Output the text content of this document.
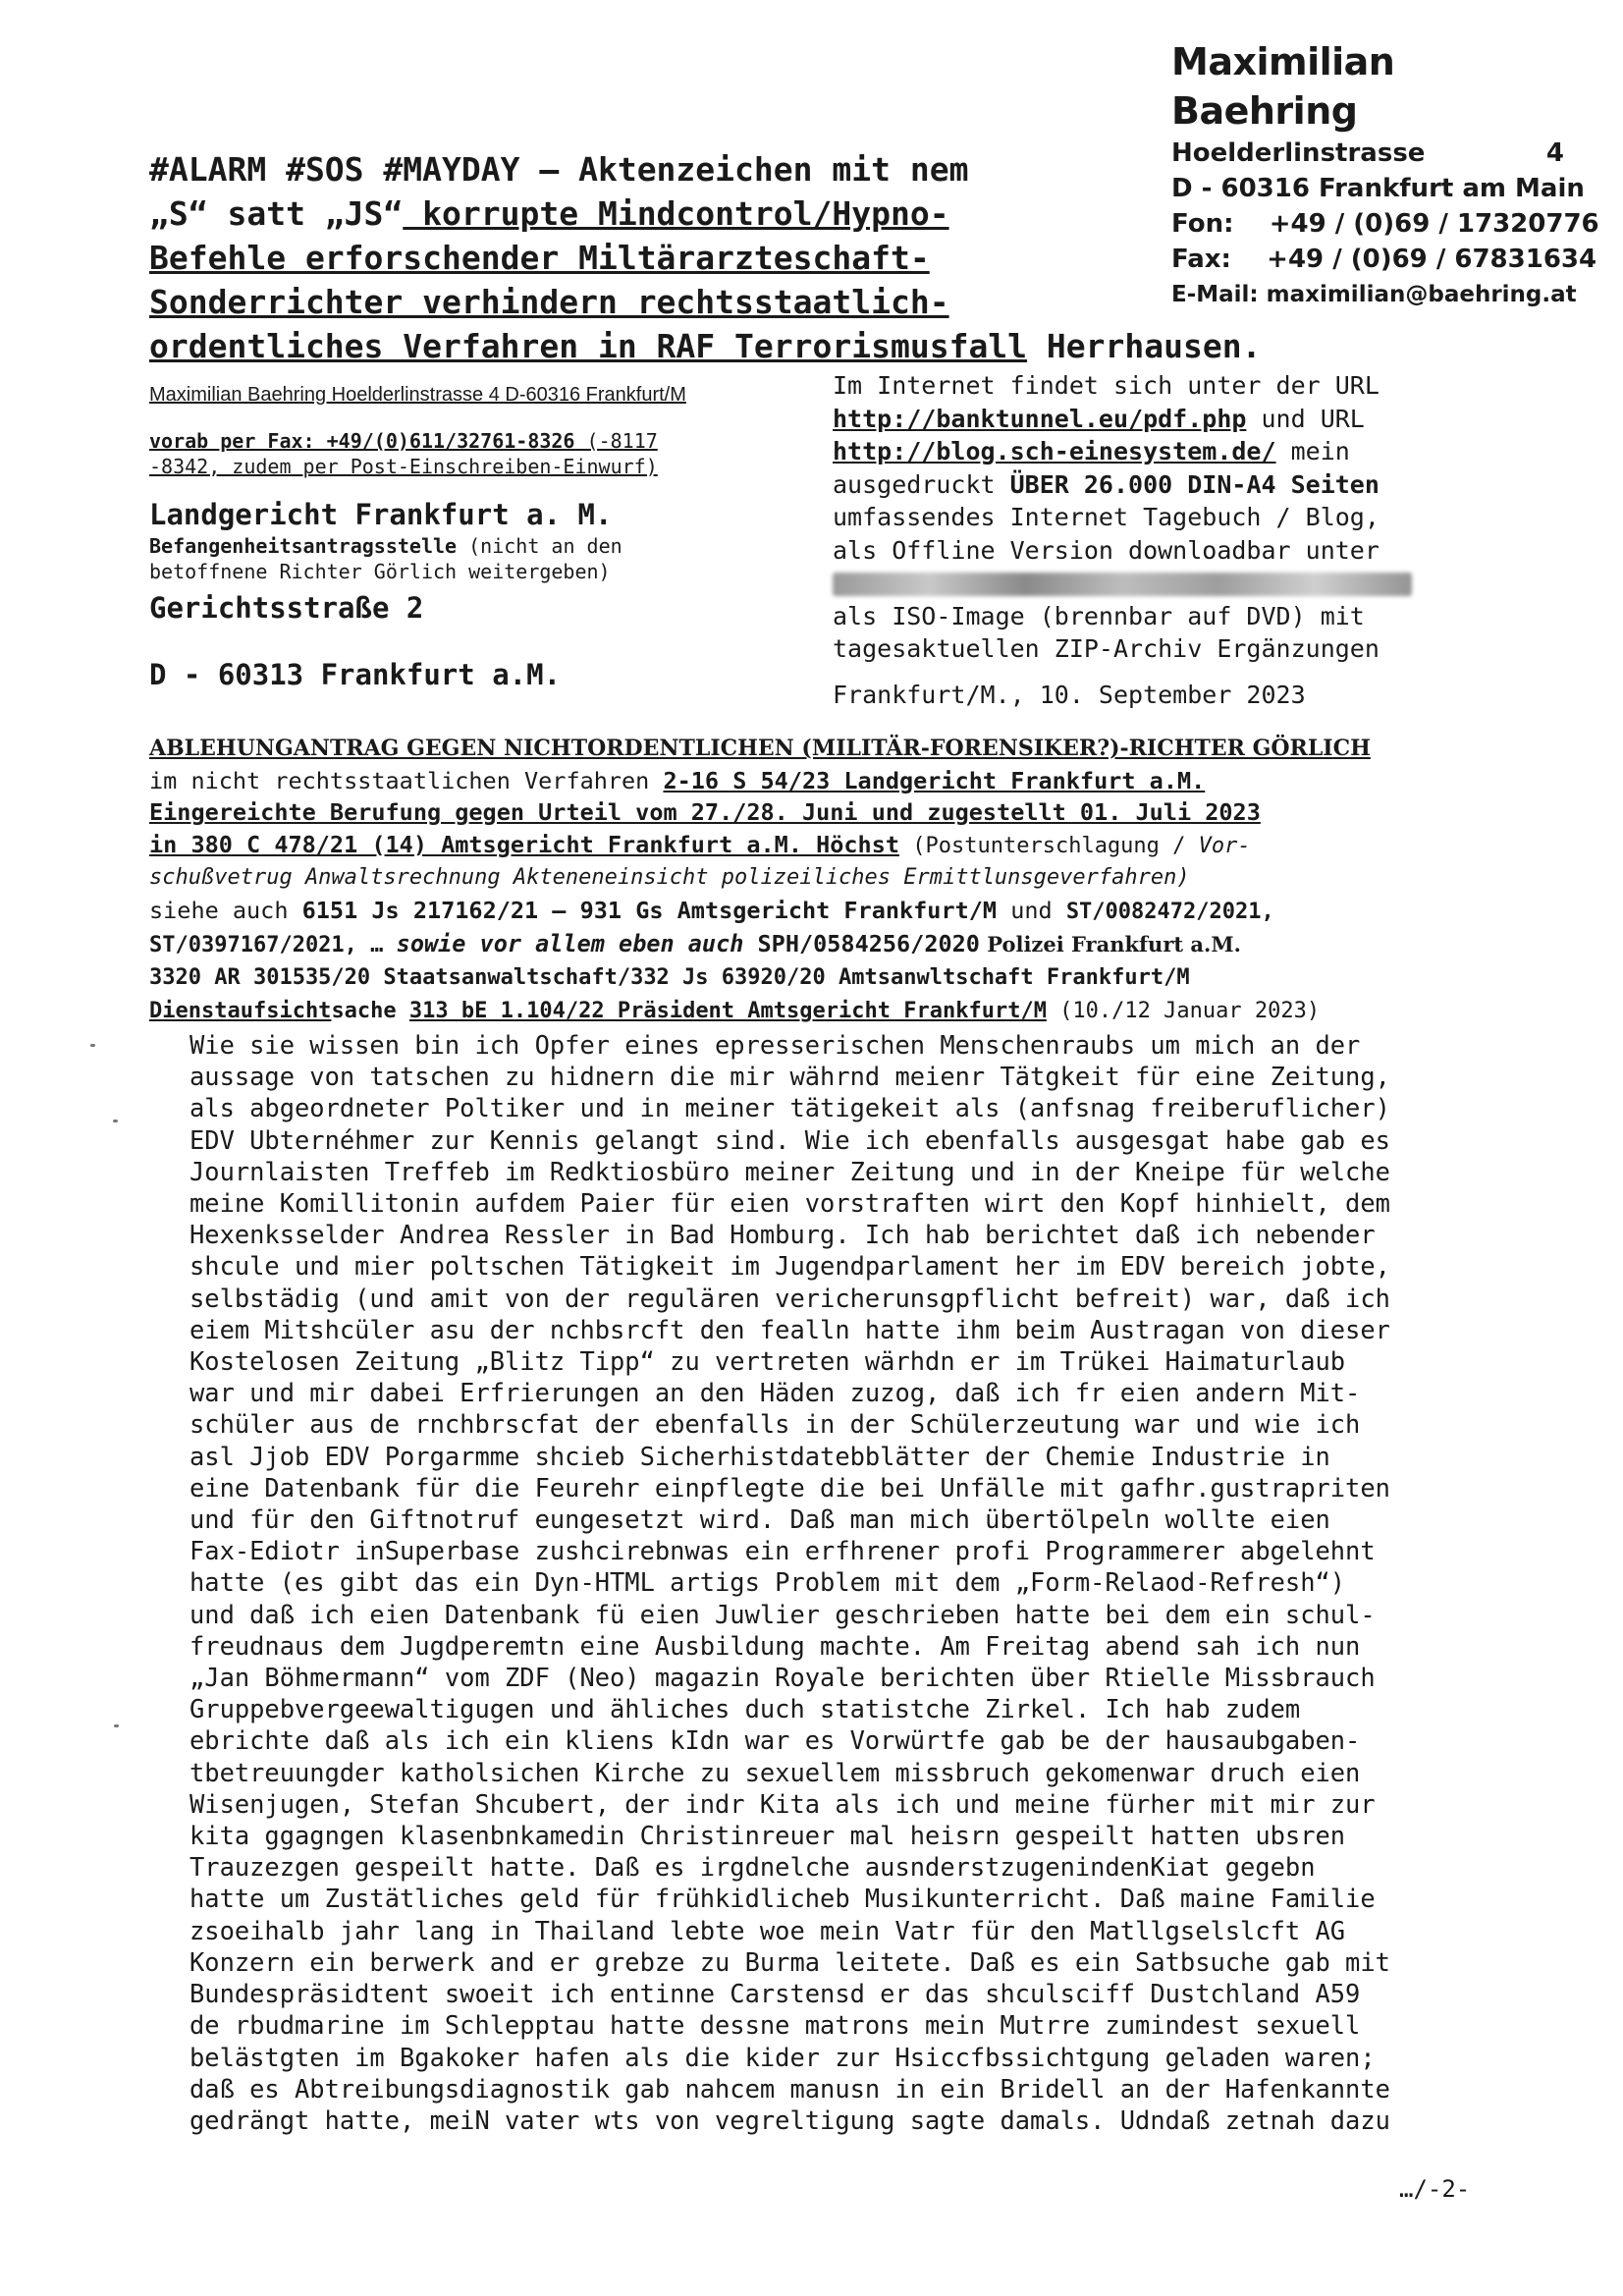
Maximilian Baehring
Hoelderlinstrasse	4
D - 60316 Frankfurt am Main
Fon: +49 / (0)69 / 17320776
Fax: +49 / (0)69 / 67831634
E-Mail: maximilian@baehring.at
#ALARM #SOS #MAYDAY – Aktenzeichen mit nem
„S“ satt „JS“ korrupte Mindcontrol/Hypno-
Befehle erforschender Miltärarzteschaft-
Sonderrichter verhindern rechtsstaatlich-
ordentliches Verfahren in RAF Terrorismusfall Herrhausen.
Maximilian Baehring Hoelderlinstrasse 4 D-60316 Frankfurt/M
vorab per Fax: +49/(0)611/32761-8326 (-8117
-8342, zudem per Post-Einschreiben-Einwurf)
Landgericht Frankfurt a. M.
Befangenheitsantragsstelle (nicht an den
betoffnene Richter Görlich weitergeben)
Gerichtsstraße 2
D - 60313 Frankfurt a.M.
Im Internet findet sich unter der URL
http://banktunnel.eu/pdf.php und URL
http://blog.sch-einesystem.de/ mein
ausgedruckt ÜBER 26.000 DIN-A4 Seiten
umfassendes Internet Tagebuch / Blog,
als Offline Version downloadbar unter
als ISO-Image (brennbar auf DVD) mit
tagesaktuellen ZIP-Archiv Ergänzungen
Frankfurt/M., 10. September 2023
ABLEHUNGANTRAG GEGEN NICHTORDENTLICHEN (MILITÄR-FORENSIKER?)-RICHTER GÖRLICH
im nicht rechtsstaatlichen Verfahren 2-16 S 54/23 Landgericht Frankfurt a.M.
Eingereichte Berufung gegen Urteil vom 27./28. Juni und zugestellt 01. Juli 2023
in 380 C 478/21 (14) Amtsgericht Frankfurt a.M. Höchst (Postunterschlagung / Vor-
schußvetrug Anwaltsrechnung Akteneneinsicht polizeiliches Ermittlunsgeverfahren)
siehe auch 6151 Js 217162/21 – 931 Gs Amtsgericht Frankfurt/M und ST/0082472/2021,
ST/0397167/2021, … sowie vor allem eben auch SPH/0584256/2020 Polizei Frankfurt a.M.
3320 AR 301535/20 Staatsanwaltschaft/332 Js 63920/20 Amtsanwltschaft Frankfurt/M
Dienstaufsichtsache 313 bE 1.104/22 Präsident Amtsgericht Frankfurt/M (10./12 Januar 2023)
Wie sie wissen bin ich Opfer eines epresserischen Menschenraubs um mich an der
aussage von tatschen zu hidnern die mir währnd meienr Tätgkeit für eine Zeitung,
als abgeordneter Poltiker und in meiner tätigekeit als (anfsnag freiberuflicher)
EDV Ubternéhmer zur Kennis gelangt sind. Wie ich ebenfalls ausgesgat habe gab es
Journlaisten Treffeb im Redktiosbüro meiner Zeitung und in der Kneipe für welche
meine Komillitonin aufdem Paier für eien vorstraften wirt den Kopf hinhielt, dem
Hexenksselder Andrea Ressler in Bad Homburg. Ich hab berichtet daß ich nebender
shcule und mier poltschen Tätigkeit im Jugendparlament her im EDV bereich jobte,
selbstädig (und amit von der regulären vericherunsgpflicht befreit) war, daß ich
eiem Mitshcüler asu der nchbsrcft den fealln hatte ihm beim Austragan von dieser
Kostelosen Zeitung „Blitz Tipp“ zu vertreten wärhdn er im Trükei Haimaturlaub
war und mir dabei Erfrierungen an den Häden zuzog, daß ich fr eien andern Mit-
schüler aus de rnchbrscfat der ebenfalls in der Schülerzeutung war und wie ich
asl Jjob EDV Porgarmme shcieb Sicherhistdatebblätter der Chemie Industrie in
eine Datenbank für die Feurehr einpflegte die bei Unfälle mit gafhr.gustrapriten
und für den Giftnotruf eungesetzt wird. Daß man mich übertölpeln wollte eien
Fax-Ediotr inSuperbase zushcirebnwas ein erfhrener profi Programmerer abgelehnt
hatte (es gibt das ein Dyn-HTML artigs Problem mit dem „Form-Relaod-Refresh“)
und daß ich eien Datenbank fü eien Juwlier geschrieben hatte bei dem ein schul-
freudnaus dem Jugdperemtn eine Ausbildung machte. Am Freitag abend sah ich nun
„Jan Böhmermann“ vom ZDF (Neo) magazin Royale berichten über Rtielle Missbrauch
Gruppebvergeewaltigugen und ähliches duch statistche Zirkel. Ich hab zudem
ebrichte daß als ich ein kliens kIdn war es Vorwürtfe gab be der hausaubgaben-
tbetreuungder katholsichen Kirche zu sexuellem missbruch gekomenwar druch eien
Wisenjugen, Stefan Shcubert, der indr Kita als ich und meine fürher mit mir zur
kita ggagngen klasenbnkamedin Christinreuer mal heisrn gespeilt hatten ubsren
Trauzezgen gespeilt hatte. Daß es irgdnelche ausnderstzugenindenKiat gegebn
hatte um Zustätliches geld für frühkidlicheb Musikunterricht. Daß maine Familie
zsoeihalb jahr lang in Thailand lebte woe mein Vatr für den Matllgselslcft AG
Konzern ein berwerk and er grebze zu Burma leitete. Daß es ein Satbsuche gab mit
Bundespräsidtent swoeit ich entinne Carstensd er das shculsciff Dustchland A59
de rbudmarine im Schlepptau hatte dessne matrons mein Mutrre zumindest sexuell
belästgten im Bgakoker hafen als die kider zur Hsiccfbssichtgung geladen waren;
daß es Abtreibungsdiagnostik gab nahcem manusn in ein Bridell an der Hafenkannte
gedrängt hatte, meiN vater wts von vegreltigung sagte damals. Udndaß zetnah dazu
…/-2-
